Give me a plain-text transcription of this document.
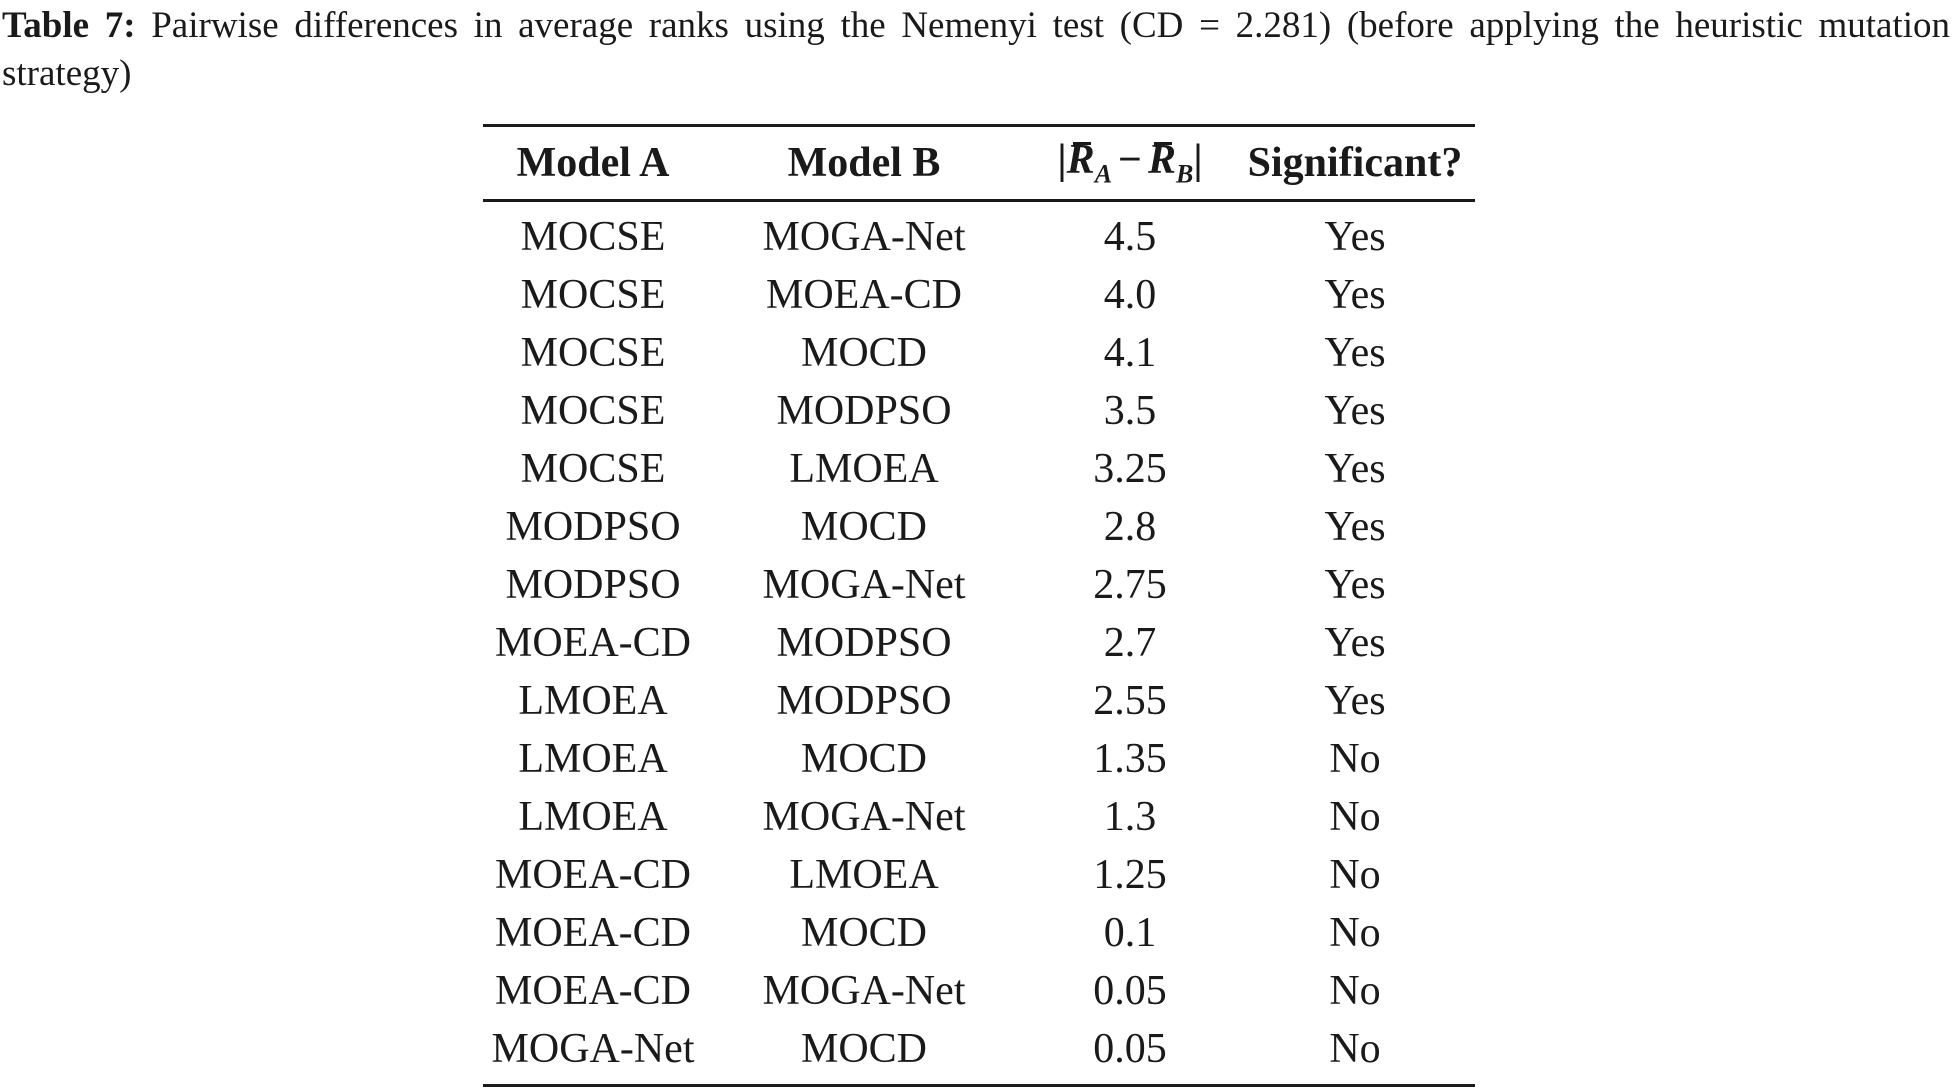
Table 7: Pairwise differences in average ranks using the Nemenyi test (CD = 2.281) (before applying the heuristic mutation strategy)
Model A	Model B	$|R_A - R_B|$	Significant?
MOCSE	MOGA-Net	4.5	Yes
MOCSE	MOEA-CD	4.0	Yes
MOCSE	MOCD	4.1	Yes
MOCSE	MODPSO	3.5	Yes
MOCSE	LMOEA	3.25	Yes
MODPSO	MOCD	2.8	Yes
MODPSO	MOGA-Net	2.75	Yes
MOEA-CD	MODPSO	2.7	Yes
LMOEA	MODPSO	2.55	Yes
LMOEA	MOCD	1.35	No
LMOEA	MOGA-Net	1.3	No
MOEA-CD	LMOEA	1.25	No
MOEA-CD	MOCD	0.1	No
MOEA-CD	MOGA-Net	0.05	No
MOGA-Net	MOCD	0.05	No
